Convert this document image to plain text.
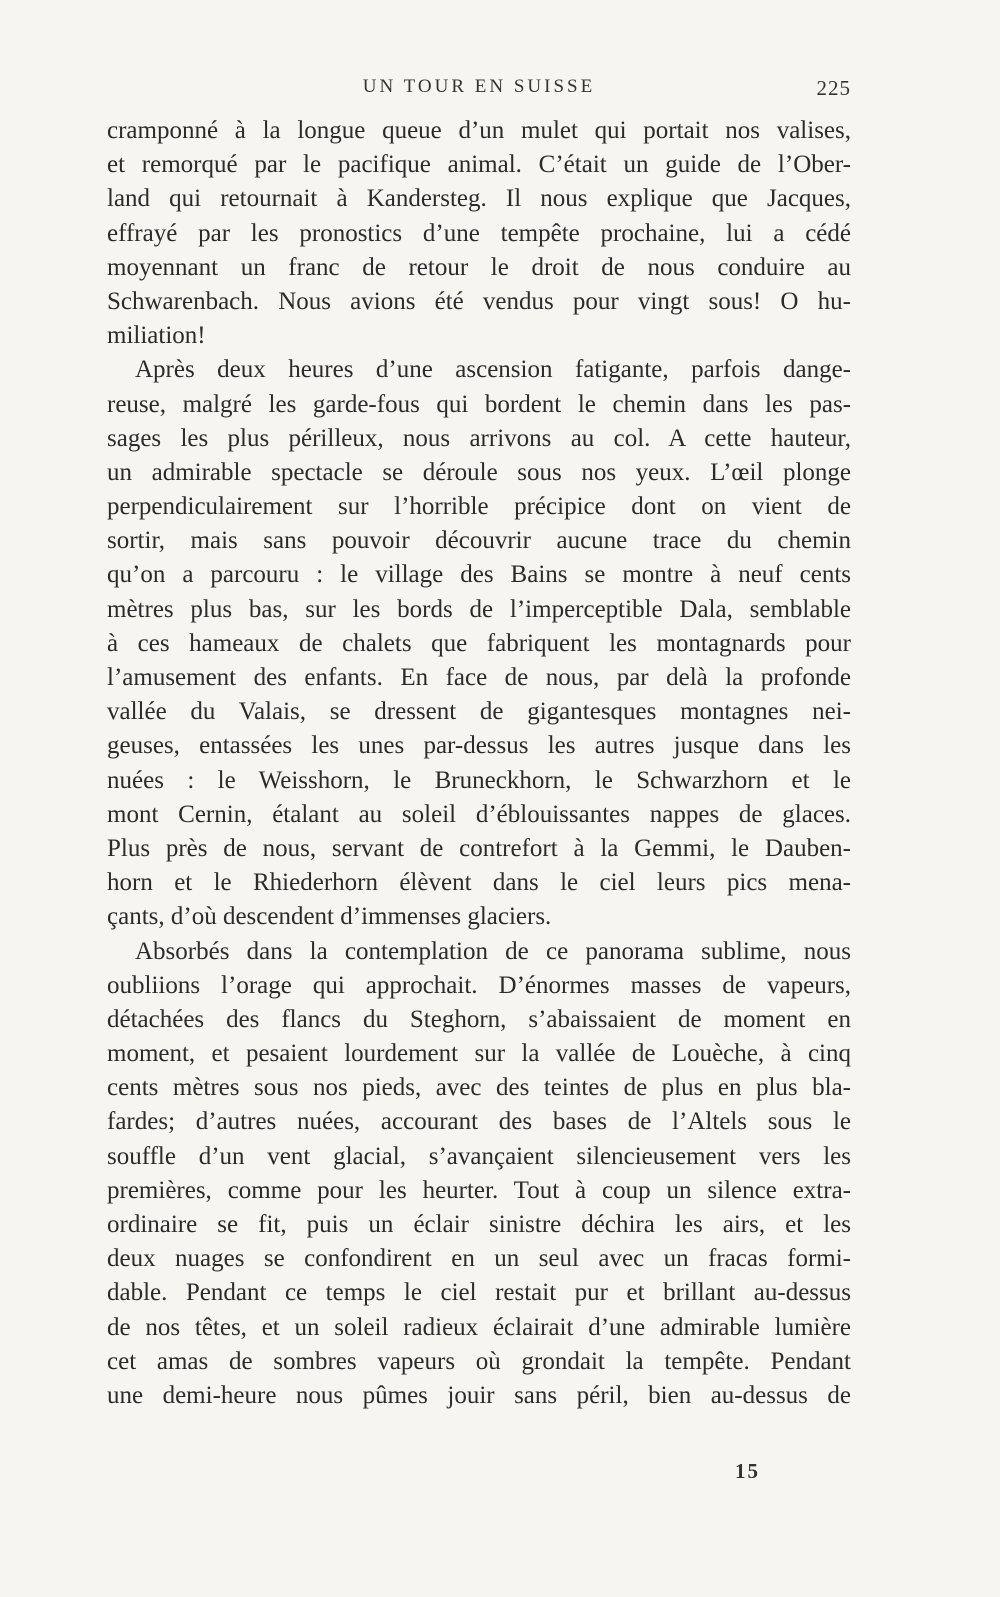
UN TOUR EN SUISSE	225
cramponné à la longue queue d’un mulet qui portait nos valises,
et remorqué par le pacifique animal. C’était un guide de l’Ober-
land qui retournait à Kandersteg. Il nous explique que Jacques,
effrayé par les pronostics d’une tempête prochaine, lui a cédé
moyennant un franc de retour le droit de nous conduire au
Schwarenbach. Nous avions été vendus pour vingt sous! O hu-
miliation!
Après deux heures d’une ascension fatigante, parfois dange-
reuse, malgré les garde-fous qui bordent le chemin dans les pas-
sages les plus périlleux, nous arrivons au col. A cette hauteur,
un admirable spectacle se déroule sous nos yeux. L’œil plonge
perpendiculairement sur l’horrible précipice dont on vient de
sortir, mais sans pouvoir découvrir aucune trace du chemin
qu’on a parcouru : le village des Bains se montre à neuf cents
mètres plus bas, sur les bords de l’imperceptible Dala, semblable
à ces hameaux de chalets que fabriquent les montagnards pour
l’amusement des enfants. En face de nous, par delà la profonde
vallée du Valais, se dressent de gigantesques montagnes nei-
geuses, entassées les unes par-dessus les autres jusque dans les
nuées : le Weisshorn, le Bruneckhorn, le Schwarzhorn et le
mont Cernin, étalant au soleil d’éblouissantes nappes de glaces.
Plus près de nous, servant de contrefort à la Gemmi, le Dauben-
horn et le Rhiederhorn élèvent dans le ciel leurs pics mena-
çants, d’où descendent d’immenses glaciers.
Absorbés dans la contemplation de ce panorama sublime, nous
oubliions l’orage qui approchait. D’énormes masses de vapeurs,
détachées des flancs du Steghorn, s’abaissaient de moment en
moment, et pesaient lourdement sur la vallée de Louèche, à cinq
cents mètres sous nos pieds, avec des teintes de plus en plus bla-
fardes; d’autres nuées, accourant des bases de l’Altels sous le
souffle d’un vent glacial, s’avançaient silencieusement vers les
premières, comme pour les heurter. Tout à coup un silence extra-
ordinaire se fit, puis un éclair sinistre déchira les airs, et les
deux nuages se confondirent en un seul avec un fracas formi-
dable. Pendant ce temps le ciel restait pur et brillant au-dessus
de nos têtes, et un soleil radieux éclairait d’une admirable lumière
cet amas de sombres vapeurs où grondait la tempête. Pendant
une demi-heure nous pûmes jouir sans péril, bien au-dessus de
15
